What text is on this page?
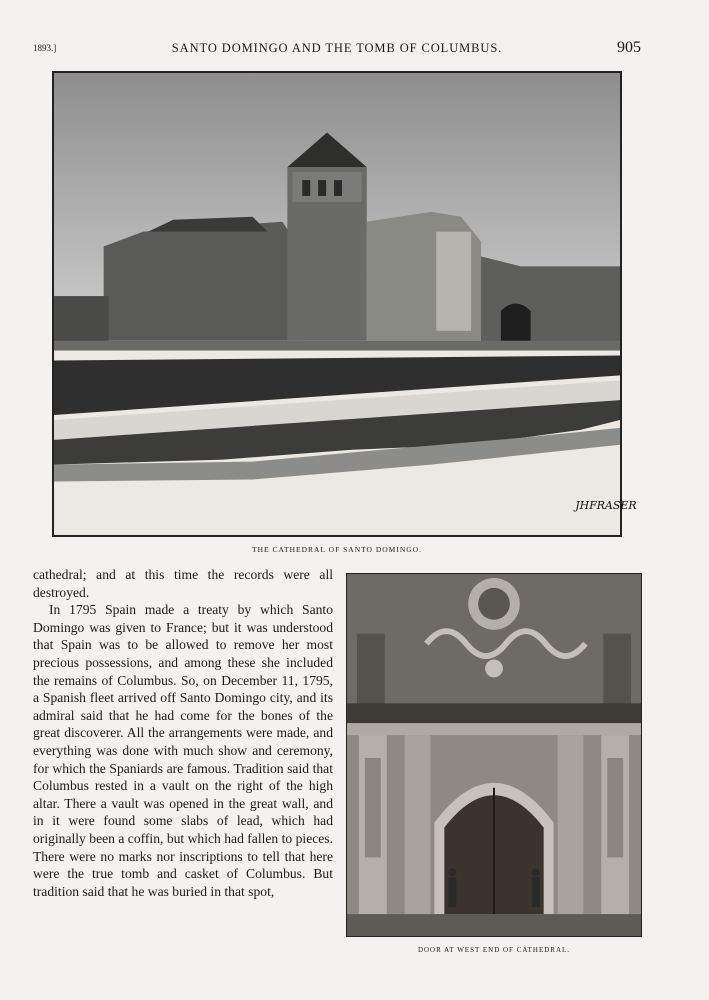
1893.]	SANTO DOMINGO AND THE TOMB OF COLUMBUS.	905
JHFRASER
THE CATHEDRAL OF SANTO DOMINGO.

cathedral; and at this time the records were all destroyed.

In 1795 Spain made a treaty by which Santo Domingo was given to France; but it was understood that Spain was to be allowed to remove her most precious possessions, and among these she included the remains of Columbus. So, on December 11, 1795, a Spanish fleet arrived off Santo Domingo city, and its admiral said that he had come for the bones of the great discoverer. All the arrangements were made, and everything was done with much show and ceremony, for which the Spaniards are famous. Tradition said that Columbus rested in a vault on the right of the high altar. There a vault was opened in the great wall, and in it were found some slabs of lead, which had originally been a coffin, but which had fallen to pieces. There were no marks nor inscriptions to tell that here were the true tomb and casket of Columbus. But tradition said that he was buried in that spot,

DOOR AT WEST END OF CATHEDRAL.
